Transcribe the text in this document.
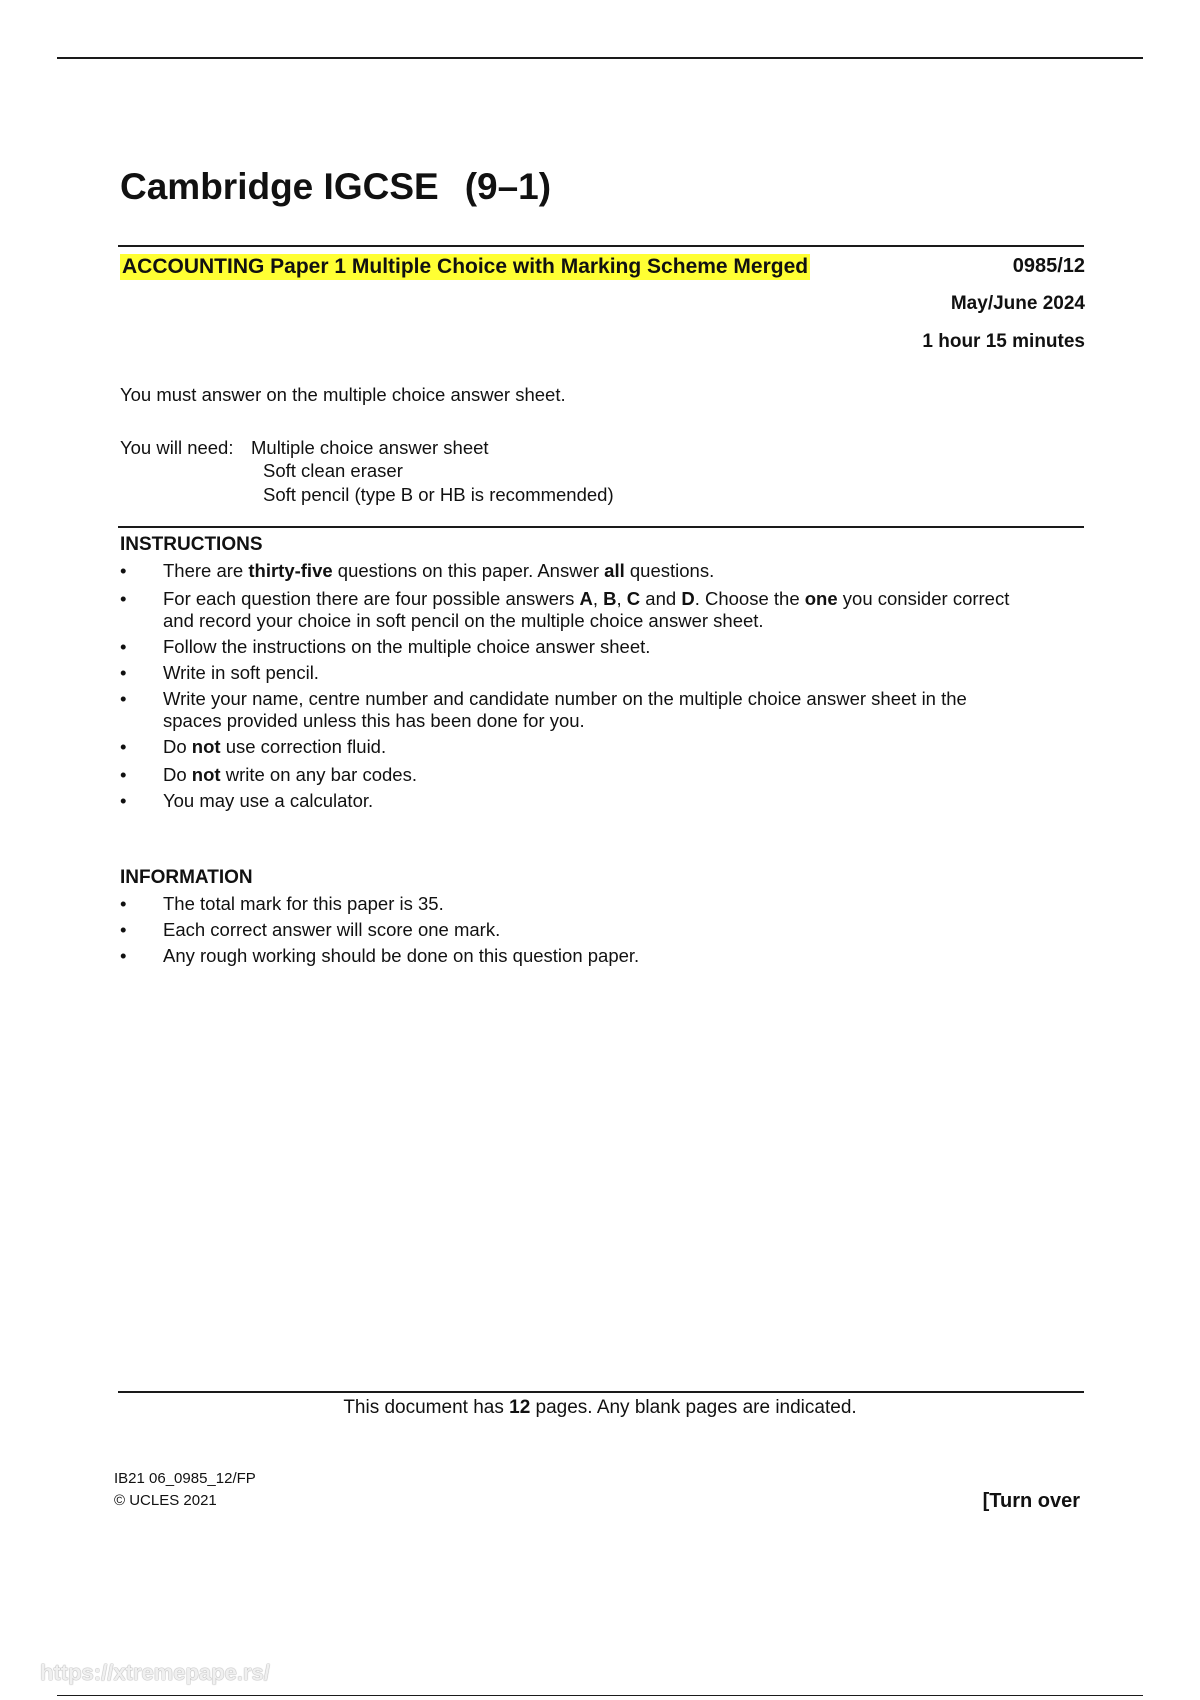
Cambridge IGCSE (9–1)
ACCOUNTING Paper 1 Multiple Choice with Marking Scheme Merged	0985/12
May/June 2024
1 hour 15 minutes
You must answer on the multiple choice answer sheet.
You will need: Multiple choice answer sheet
Soft clean eraser
Soft pencil (type B or HB is recommended)
INSTRUCTIONS
• There are thirty-five questions on this paper. Answer all questions.
• For each question there are four possible answers A, B, C and D. Choose the one you consider correct
and record your choice in soft pencil on the multiple choice answer sheet.
• Follow the instructions on the multiple choice answer sheet.
• Write in soft pencil.
• Write your name, centre number and candidate number on the multiple choice answer sheet in the
spaces provided unless this has been done for you.
• Do not use correction fluid.
• Do not write on any bar codes.
• You may use a calculator.
INFORMATION
• The total mark for this paper is 35.
• Each correct answer will score one mark.
• Any rough working should be done on this question paper.
This document has 12 pages. Any blank pages are indicated.
IB21 06_0985_12/FP
© UCLES 2021	[Turn over
https://xtremepape.rs/
